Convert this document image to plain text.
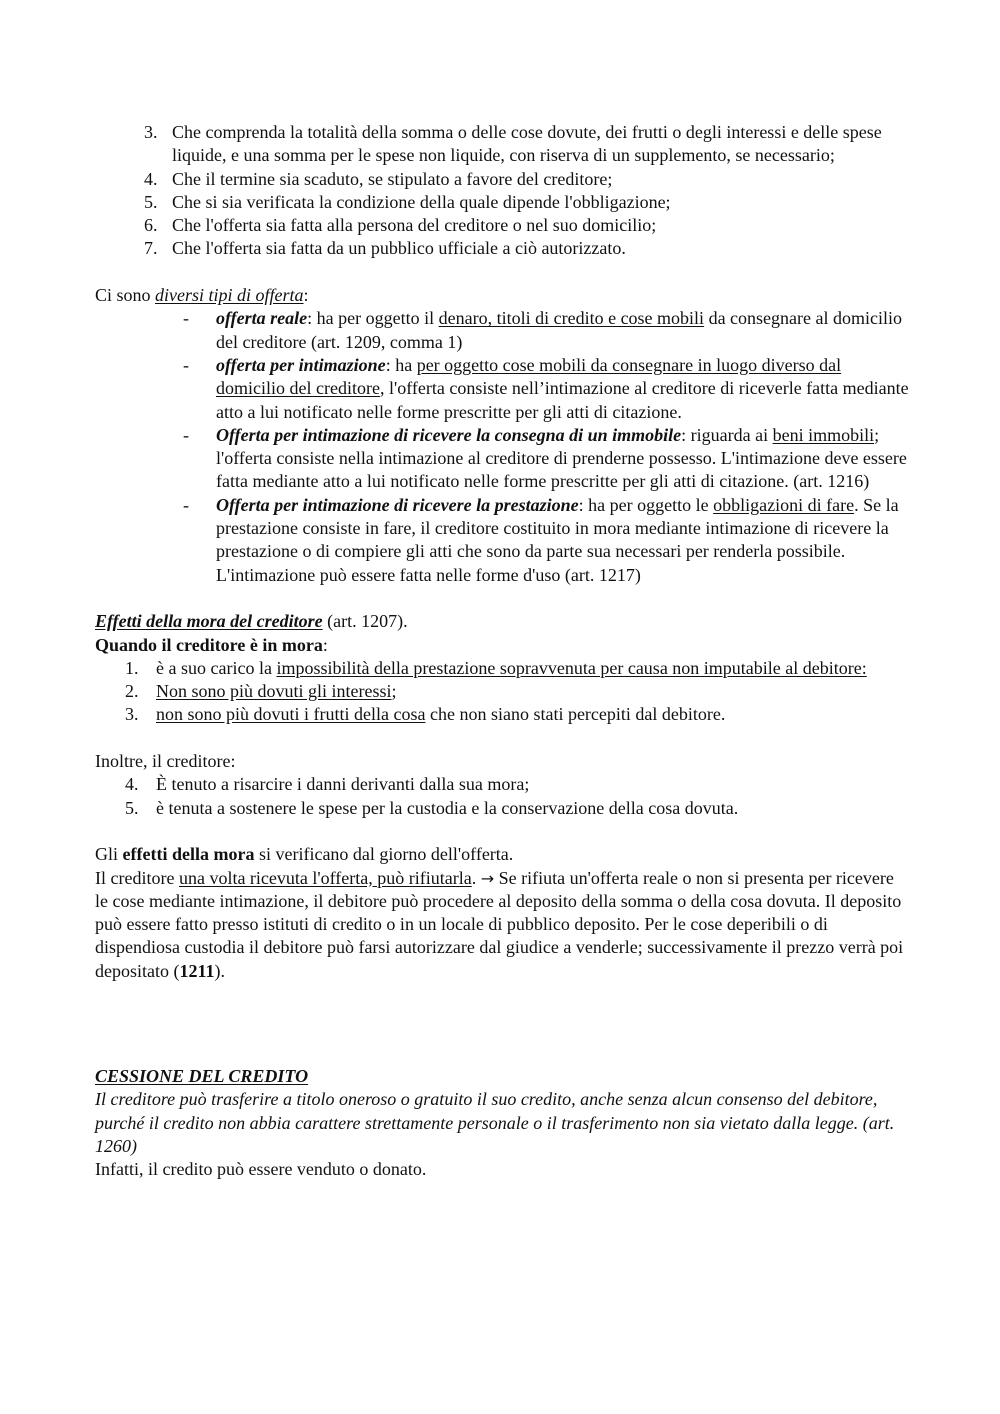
3. Che comprenda la totalità della somma o delle cose dovute, dei frutti o degli interessi e delle spese liquide, e una somma per le spese non liquide, con riserva di un supplemento, se necessario;
4. Che il termine sia scaduto, se stipulato a favore del creditore;
5. Che si sia verificata la condizione della quale dipende l'obbligazione;
6. Che l'offerta sia fatta alla persona del creditore o nel suo domicilio;
7. Che l'offerta sia fatta da un pubblico ufficiale a ciò autorizzato.

Ci sono diversi tipi di offerta:

- offerta reale: ha per oggetto il denaro, titoli di credito e cose mobili da consegnare al domicilio del creditore (art. 1209, comma 1)
- offerta per intimazione: ha per oggetto cose mobili da consegnare in luogo diverso dal domicilio del creditore, l'offerta consiste nell’intimazione al creditore di riceverle fatta mediante atto a lui notificato nelle forme prescritte per gli atti di citazione.
- Offerta per intimazione di ricevere la consegna di un immobile: riguarda ai beni immobili; l'offerta consiste nella intimazione al creditore di prenderne possesso. L'intimazione deve essere fatta mediante atto a lui notificato nelle forme prescritte per gli atti di citazione. (art. 1216)
- Offerta per intimazione di ricevere la prestazione: ha per oggetto le obbligazioni di fare. Se la prestazione consiste in fare, il creditore costituito in mora mediante intimazione di ricevere la prestazione o di compiere gli atti che sono da parte sua necessari per renderla possibile. L'intimazione può essere fatta nelle forme d'uso (art. 1217)

Effetti della mora del creditore (art. 1207).

Quando il creditore è in mora:

1. è a suo carico la impossibilità della prestazione sopravvenuta per causa non imputabile al debitore:
2. Non sono più dovuti gli interessi;
3. non sono più dovuti i frutti della cosa che non siano stati percepiti dal debitore.

Inoltre, il creditore:

4. È tenuto a risarcire i danni derivanti dalla sua mora;
5. è tenuta a sostenere le spese per la custodia e la conservazione della cosa dovuta.

Gli effetti della mora si verificano dal giorno dell'offerta.

Il creditore una volta ricevuta l'offerta, può rifiutarla. → Se rifiuta un'offerta reale o non si presenta per ricevere le cose mediante intimazione, il debitore può procedere al deposito della somma o della cosa dovuta. Il deposito può essere fatto presso istituti di credito o in un locale di pubblico deposito. Per le cose deperibili o di dispendiosa custodia il debitore può farsi autorizzare dal giudice a venderle; successivamente il prezzo verrà poi depositato (1211).

CESSIONE DEL CREDITO

Il creditore può trasferire a titolo oneroso o gratuito il suo credito, anche senza alcun consenso del debitore, purché il credito non abbia carattere strettamente personale o il trasferimento non sia vietato dalla legge. (art. 1260)

Infatti, il credito può essere venduto o donato.
